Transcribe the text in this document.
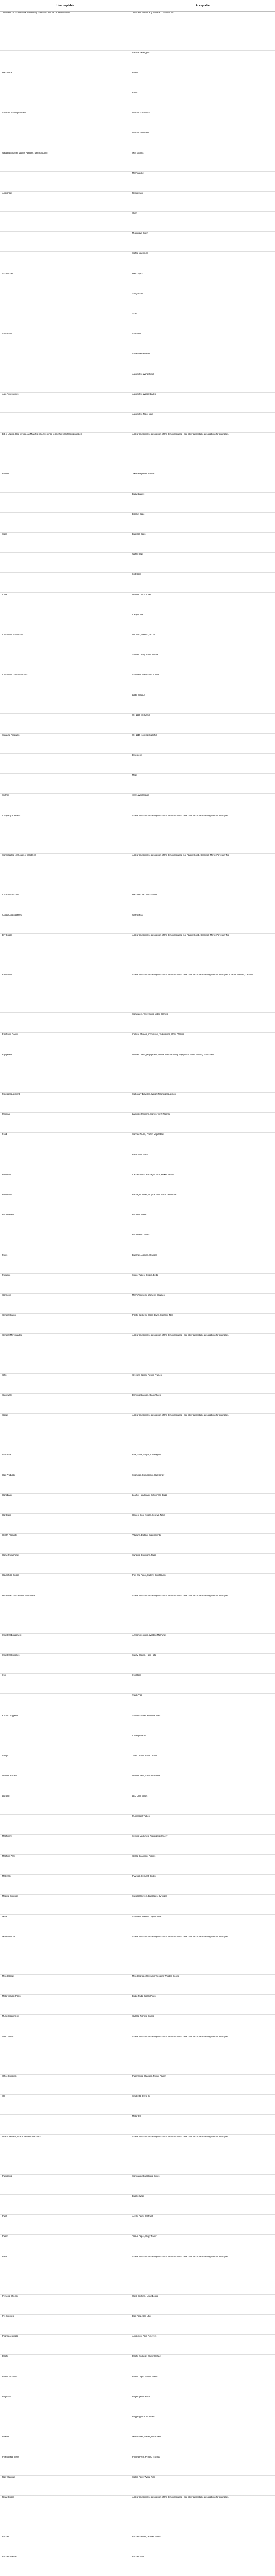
Unacceptable	Acceptable
"Branded" or "Trade Mark" names e.g. Electrolux etc. or "Business Brand"	"Business Brand" e.g. Lacoste Chemical, Inc.
Lacoste Detergent
Handmade	Plastic
Fabric
Apparel/Clothing/Garment	Women's Trousers
Women's Dresses
Wearing Apparel, Ladies' Apparel, Men's Apparel	Men's Shirts
Men's Jacket
Appliances	Refrigerator
Oven
Microwave Oven
Coffee Machines
Accessories	Hair Dryers
Sunglasses
Scarf
Auto Parts	Air Filters
Automobile Brakes
Automotive Windshield
Auto Accessories	Automotive Wiper Blades
Automotive Floor Mats
Bill of Lading, See Invoice, as Manifest or a reference to another bill of lading number	A clear and concise description of the item is required - see other acceptable descriptions for examples.
Blanket	100% Polyester Blanket
Baby Blanket
Blanket Cape
Caps	Baseball Caps
Waffle Caps
Knit Caps
Chair	Leather Office Chair
Camp Chair
Chemicals, Hazardous	UN 1263, Paint 3, PG III
Sodium Lauryl Ether Sulfate
Chemicals, non-Hazardous	Aluminum Potassium Sulfate
Latex Solution
UN 1230 Methanol
Cleaning Products	UN 1219 Isopropyl Alcohol
Detergents
Mops
Clothes	100% Wool Coats
Company Business	A clear and concise description of the item is required - see other acceptable descriptions for examples.
Consolidated (or house or pallet) (s)	A clear and concise description of the item is required e.g. Plastic Comb, Cosmetic Mirror, Porcelain Tile
Consumer Goods	Handheld Vacuum Cleaner
Crafts/Craft Supplies	Glue Sticks
Dry Goods	A clear and concise description of the item is required e.g. Plastic Comb, Cosmetic Mirror, Porcelain Tile
Electronics	A clear and concise description of the item is required - see other acceptable descriptions for examples. Cellular Phones, Laptops
Computers, Televisions, Video Games
Electronic Goods	Cellular Phones, Computers, Televisions, Video Games
Equipment	Oil Well Drilling Equipment, Textile Manufacturing Equipment, Road Building Equipment
Fitness Equipment	Stationary Bicycles, Weight Training Equipment
Flooring	Laminate Flooring, Carpet, Vinyl Flooring
Food	Canned Fruits, Frozen Vegetables
Breakfast Cereal
Foodstuff	Canned Tuna, Packaged Rice, Baked Beans
Foodstuffs	Packaged Meat, Tropical Fruit Juice, Dried Fruit
Frozen Food	Frozen Chicken
Frozen Fish Fillets
Fruits	Bananas, Apples, Oranges
Furniture	Sofas, Tables, Chairs, Beds
Garments	Men's Trousers, Women's Blouses
General Cargo	Plastic Baskets, Glass Bowls, Ceramic Tiles
General Merchandise	A clear and concise description of the item is required - see other acceptable descriptions for examples.
Gifts	Greeting Cards, Picture Frames
Glassware	Drinking Glasses, Glass Vases
Goods	A clear and concise description of the item is required - see other acceptable descriptions for examples.
Groceries	Rice, Flour, Sugar, Cooking Oil
Hair Products	Shampoo, Conditioner, Hair Spray
Handbags	Leather Handbags, Cotton Tote Bags
Hardware	Hinges, Door Knobs, Screws, Nails
Health Products	Vitamins, Dietary Supplements
Home Furnishings	Curtains, Cushions, Rugs
Household Goods	Pots and Pans, Cutlery, Dish Racks
Household Goods/Personal Effects	A clear and concise description of the item is required - see other acceptable descriptions for examples.
Industrial Equipment	Air Compressors, Welding Machines
Industrial Supplies	Safety Gloves, Hard Hats
Iron	Iron Rods
Steel Coils
Kitchen Supplies	Stainless Steel Kitchen Knives
Cutting Boards
Lamps	Table Lamps, Floor Lamps
Leather Articles	Leather Belts, Leather Wallets
Lighting	LED Light Bulbs
Fluorescent Tubes
Machinery	Sewing Machines, Printing Machinery
Machine Parts	Gears, Bearings, Pistons
Materials	Plywood, Cement, Bricks
Medical Supplies	Surgical Gloves, Bandages, Syringes
Metal	Aluminum Sheets, Copper Wire
Miscellaneous	A clear and concise description of the item is required - see other acceptable descriptions for examples.
Mixed Goods	Mixed Cargo of Ceramic Tiles and Wooden Doors
Motor Vehicle Parts	Brake Pads, Spark Plugs
Music Instruments	Guitars, Pianos, Drums
New or Used	A clear and concise description of the item is required - see other acceptable descriptions for examples.
Office Supplies	Paper Clips, Staplers, Printer Paper
Oil	Crude Oil, Olive Oil
Motor Oil
Online Retailer, Online Retailer Shipment	A clear and concise description of the item is required - see other acceptable descriptions for examples.
Packaging	Corrugated Cardboard Boxes
Bubble Wrap
Paint	Acrylic Paint, Oil Paint
Paper	Tissue Paper, Copy Paper
Parts	A clear and concise description of the item is required - see other acceptable descriptions for examples.
Personal Effects	Used Clothing, Used Books
Pet Supplies	Dog Food, Cat Litter
Pharmaceuticals	Antibiotics, Pain Relievers
Plastic	Plastic Buckets, Plastic Bottles
Plastic Products	Plastic Cups, Plastic Plates
Polymers	Polyethylene Resin
Polypropylene Granules
Powder	Milk Powder, Detergent Powder
Promotional Items	Printed Pens, Printed T-Shirts
Raw Materials	Cotton Fiber, Wood Pulp
Retail Goods	A clear and concise description of the item is required - see other acceptable descriptions for examples.
Rubber	Rubber Gloves, Rubber Hoses
Rubber Articles	Rubber Mats
